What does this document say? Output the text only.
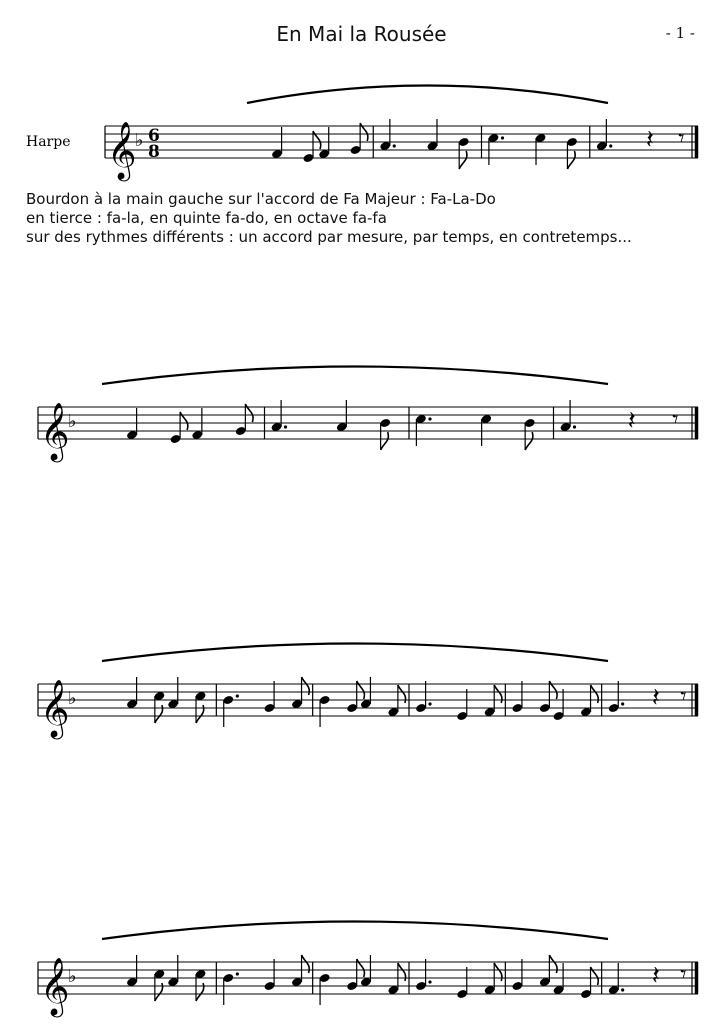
En Mai la Rousée	- 1 -
Harpe
Bourdon à la main gauche sur l'accord de Fa Majeur : Fa-La-Do
en tierce : fa-la, en quinte fa-do, en octave fa-fa
sur des rythmes différents : un accord par mesure, par temps, en contretemps...
𝄞
♭ 6
8	𝄽 𝄾
𝄞
♭	𝄽 𝄾
𝄞
♭	𝄽 𝄾
𝄞
♭	𝄽 𝄾
